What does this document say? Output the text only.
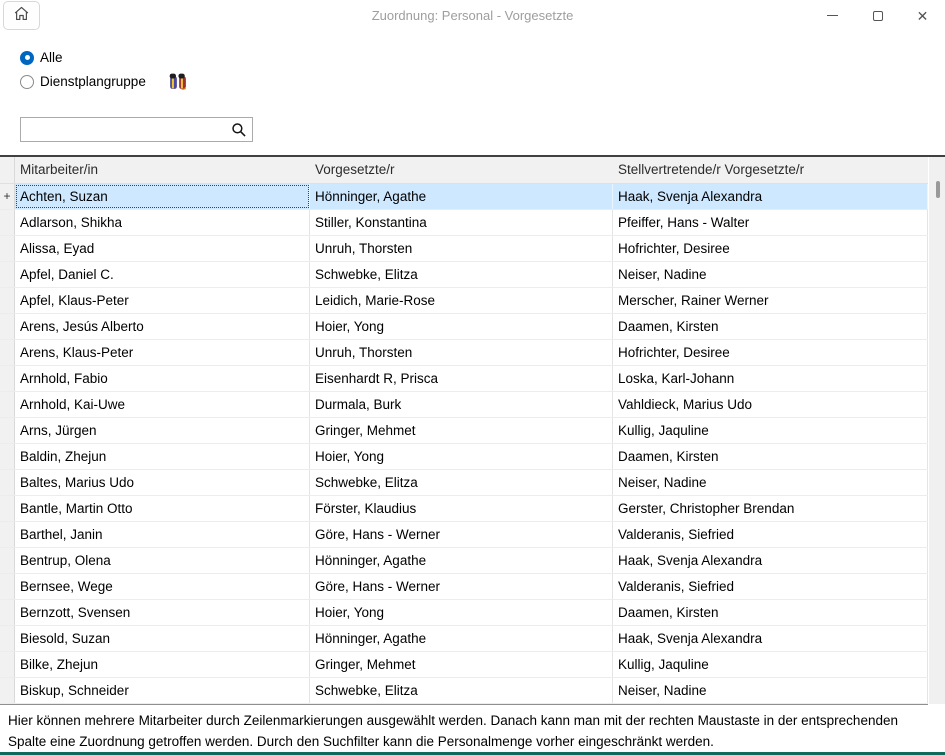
Zuordnung: Personal - Vorgesetzte	✕
Alle
Dienstplangruppe
Mitarbeiter/in	Vorgesetzte/r	Stellvertretende/r Vorgesetzte/r
+ Achten, Suzan	Hönninger, Agathe	Haak, Svenja Alexandra
Adlarson, Shikha	Stiller, Konstantina	Pfeiffer, Hans - Walter
Alissa, Eyad	Unruh, Thorsten	Hofrichter, Desiree
Apfel, Daniel C.	Schwebke, Elitza	Neiser, Nadine
Apfel, Klaus-Peter	Leidich, Marie-Rose	Merscher, Rainer Werner
Arens, Jesús Alberto	Hoier, Yong	Daamen, Kirsten
Arens, Klaus-Peter	Unruh, Thorsten	Hofrichter, Desiree
Arnhold, Fabio	Eisenhardt R, Prisca	Loska, Karl-Johann
Arnhold, Kai-Uwe	Durmala, Burk	Vahldieck, Marius Udo
Arns, Jürgen	Gringer, Mehmet	Kullig, Jaquline
Baldin, Zhejun	Hoier, Yong	Daamen, Kirsten
Baltes, Marius Udo	Schwebke, Elitza	Neiser, Nadine
Bantle, Martin Otto	Förster, Klaudius	Gerster, Christopher Brendan
Barthel, Janin	Göre, Hans - Werner	Valderanis, Siefried
Bentrup, Olena	Hönninger, Agathe	Haak, Svenja Alexandra
Bernsee, Wege	Göre, Hans - Werner	Valderanis, Siefried
Bernzott, Svensen	Hoier, Yong	Daamen, Kirsten
Biesold, Suzan	Hönninger, Agathe	Haak, Svenja Alexandra
Bilke, Zhejun	Gringer, Mehmet	Kullig, Jaquline
Biskup, Schneider	Schwebke, Elitza	Neiser, Nadine
Hier können mehrere Mitarbeiter durch Zeilenmarkierungen ausgewählt werden. Danach kann man mit der rechten Maustaste in der entsprechenden Spalte eine Zuordnung getroffen werden. Durch den Suchfilter kann die Personalmenge vorher eingeschränkt werden.
